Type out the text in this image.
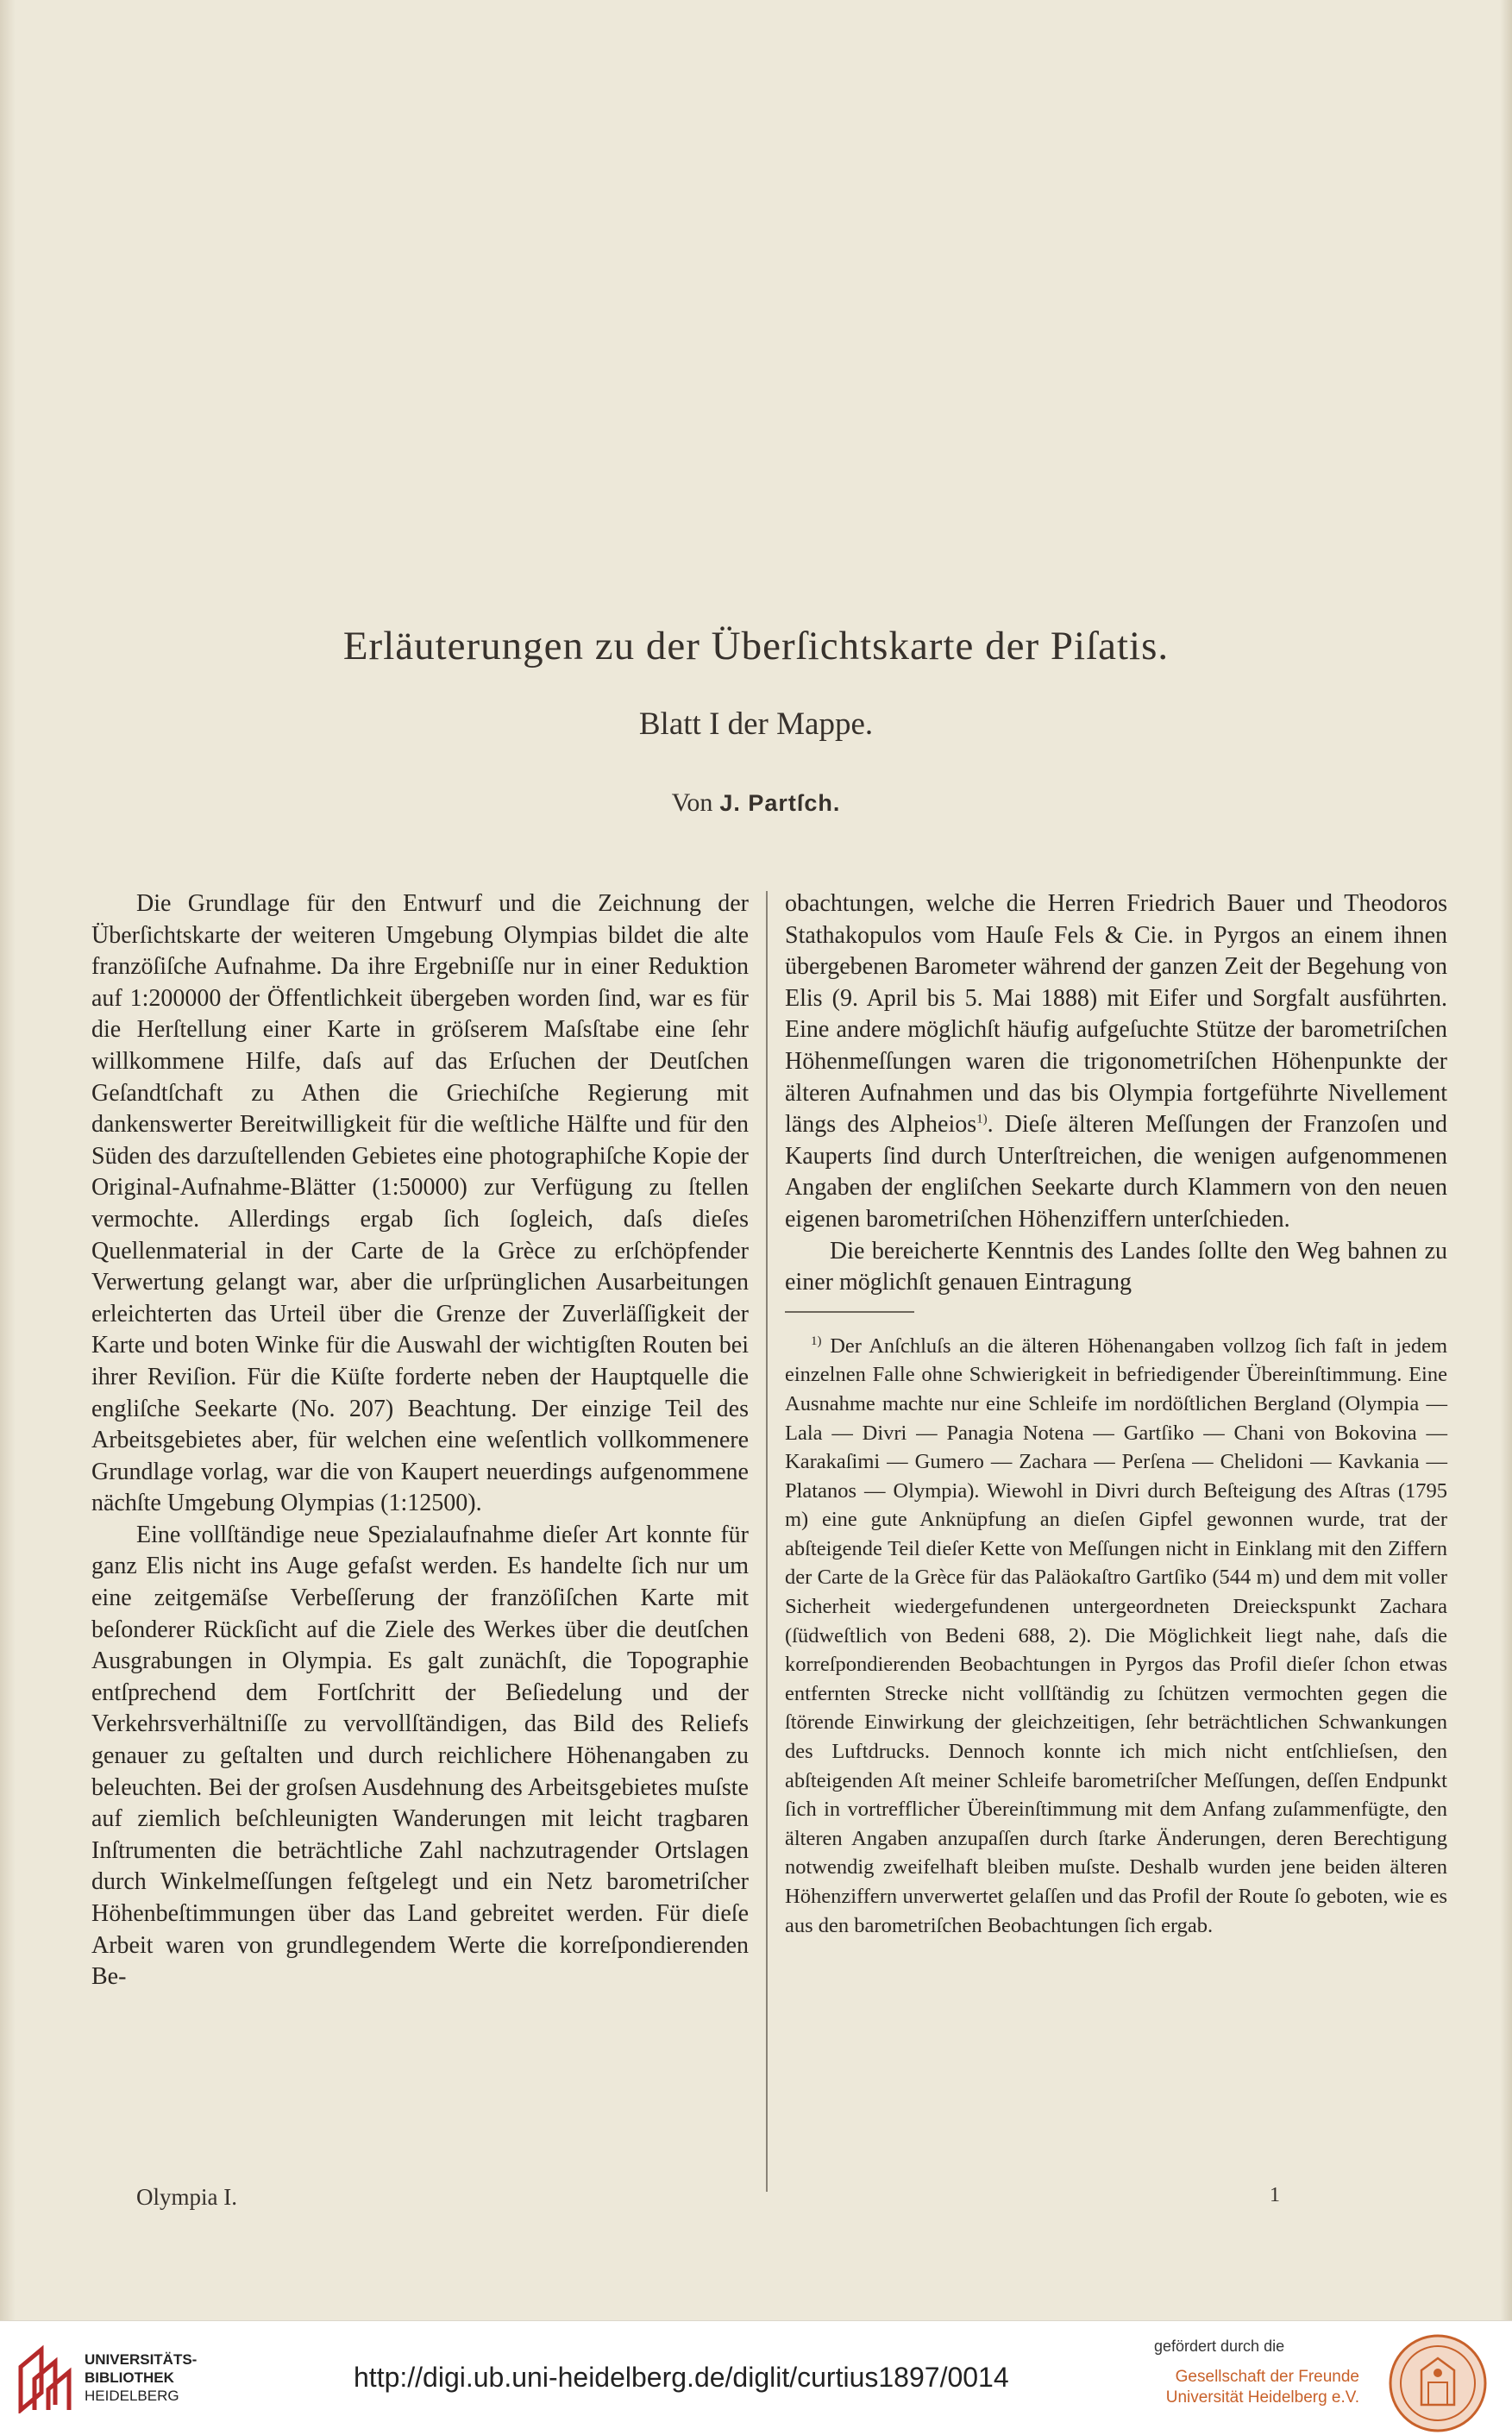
Erläuterungen zu der Überſichtskarte der Piſatis.
Blatt I der Mappe.
Von J. Partſch.

Die Grundlage für den Entwurf und die Zeichnung der Überſichtskarte der weiteren Umgebung Olympias bildet die alte franzöſiſche Aufnahme. Da ihre Ergebniſſe nur in einer Reduktion auf 1:200000 der Öffentlichkeit übergeben worden ſind, war es für die Herſtellung einer Karte in gröſserem Maſsſtabe eine ſehr willkommene Hilfe, daſs auf das Erſuchen der Deutſchen Geſandtſchaft zu Athen die Griechiſche Regierung mit dankenswerter Bereitwilligkeit für die weſtliche Hälfte und für den Süden des darzuſtellenden Gebietes eine photographiſche Kopie der Original-Aufnahme-Blätter (1:50000) zur Verfügung zu ſtellen vermochte. Allerdings ergab ſich ſogleich, daſs dieſes Quellenmaterial in der Carte de la Grèce zu erſchöpfender Verwertung gelangt war, aber die urſprünglichen Ausarbeitungen erleichterten das Urteil über die Grenze der Zuverläſſigkeit der Karte und boten Winke für die Auswahl der wichtigſten Routen bei ihrer Reviſion. Für die Küſte forderte neben der Hauptquelle die engliſche Seekarte (No. 207) Beachtung. Der einzige Teil des Arbeitsgebietes aber, für welchen eine weſentlich vollkommenere Grundlage vorlag, war die von Kaupert neuerdings aufgenommene nächſte Umgebung Olympias (1:12500).

Eine vollſtändige neue Spezialaufnahme dieſer Art konnte für ganz Elis nicht ins Auge gefaſst werden. Es handelte ſich nur um eine zeitgemäſse Verbeſſerung der franzöſiſchen Karte mit beſonderer Rückſicht auf die Ziele des Werkes über die deutſchen Ausgrabungen in Olympia. Es galt zunächſt, die Topographie entſprechend dem Fortſchritt der Beſiedelung und der Verkehrsverhältniſſe zu vervollſtändigen, das Bild des Reliefs genauer zu geſtalten und durch reichlichere Höhenangaben zu beleuchten. Bei der groſsen Ausdehnung des Arbeitsgebietes muſste auf ziemlich beſchleunigten Wanderungen mit leicht tragbaren Inſtrumenten die beträchtliche Zahl nachzutragender Ortslagen durch Winkelmeſſungen feſtgelegt und ein Netz barometriſcher Höhenbeſtimmungen über das Land gebreitet werden. Für dieſe Arbeit waren von grundlegendem Werte die korreſpondierenden Be-

obachtungen, welche die Herren Friedrich Bauer und Theodoros Stathakopulos vom Hauſe Fels & Cie. in Pyrgos an einem ihnen übergebenen Barometer während der ganzen Zeit der Begehung von Elis (9. April bis 5. Mai 1888) mit Eifer und Sorgfalt ausführten. Eine andere möglichſt häufig aufgeſuchte Stütze der barometriſchen Höhenmeſſungen waren die trigonometriſchen Höhenpunkte der älteren Aufnahmen und das bis Olympia fortgeführte Nivellement längs des Alpheios$^{1)}$. Dieſe älteren Meſſungen der Franzoſen und Kauperts ſind durch Unterſtreichen, die wenigen aufgenommenen Angaben der engliſchen Seekarte durch Klammern von den neuen eigenen barometriſchen Höhenziffern unterſchieden.

Die bereicherte Kenntnis des Landes ſollte den Weg bahnen zu einer möglichſt genauen Eintragung

$^{1)}$ Der Anſchluſs an die älteren Höhenangaben vollzog ſich faſt in jedem einzelnen Falle ohne Schwierigkeit in befriedigender Übereinſtimmung. Eine Ausnahme machte nur eine Schleife im nordöſtlichen Bergland (Olympia — Lala — Divri — Panagia Notena — Gartſiko — Chani von Bokovina — Karakaſimi — Gumero — Zachara — Perſena — Chelidoni — Kavkania — Platanos — Olympia). Wiewohl in Divri durch Beſteigung des Aſtras (1795 m) eine gute Anknüpfung an dieſen Gipfel gewonnen wurde, trat der abſteigende Teil dieſer Kette von Meſſungen nicht in Einklang mit den Ziffern der Carte de la Grèce für das Paläokaſtro Gartſiko (544 m) und dem mit voller Sicherheit wiedergefundenen untergeordneten Dreieckspunkt Zachara (ſüdweſtlich von Bedeni 688, 2). Die Möglichkeit liegt nahe, daſs die korreſpondierenden Beobachtungen in Pyrgos das Profil dieſer ſchon etwas entfernten Strecke nicht vollſtändig zu ſchützen vermochten gegen die ſtörende Einwirkung der gleichzeitigen, ſehr beträchtlichen Schwankungen des Luftdrucks. Dennoch konnte ich mich nicht entſchlieſsen, den abſteigenden Aſt meiner Schleife barometriſcher Meſſungen, deſſen Endpunkt ſich in vortrefflicher Übereinſtimmung mit dem Anfang zuſammenfügte, den älteren Angaben anzupaſſen durch ſtarke Änderungen, deren Berechtigung notwendig zweifelhaft bleiben muſste. Deshalb wurden jene beiden älteren Höhenziffern unverwertet gelaſſen und das Profil der Route ſo geboten, wie es aus den barometriſchen Beobachtungen ſich ergab.

Olympia I.	1
UNIVERSITÄTS-
BIBLIOTHEK
HEIDELBERG
http://digi.ub.uni-heidelberg.de/diglit/curtius1897/0014
gefördert durch die
Gesellschaft der Freunde
Universität Heidelberg e.V.
